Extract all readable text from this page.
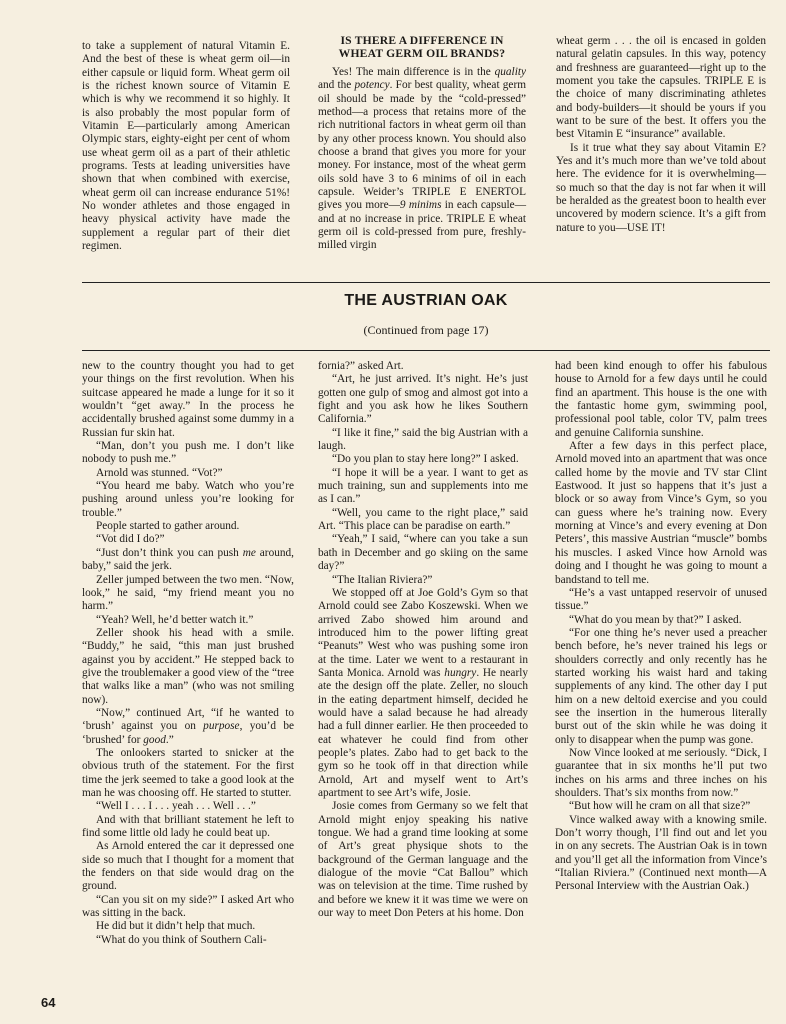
to take a supplement of natural Vitamin E. And the best of these is wheat germ oil—in either capsule or liquid form. Wheat germ oil is the richest known source of Vitamin E which is why we recommend it so highly. It is also probably the most popular form of Vitamin E—particularly among American Olympic stars, eighty-eight per cent of whom use wheat germ oil as a part of their athletic programs. Tests at leading universities have shown that when combined with exercise, wheat germ oil can increase endurance 51%! No wonder athletes and those engaged in heavy physical activity have made the supplement a regular part of their diet regimen.

IS THERE A DIFFERENCE IN WHEAT GERM OIL BRANDS?

Yes! The main difference is in the quality and the potency. For best quality, wheat germ oil should be made by the “cold-pressed” method—a process that retains more of the rich nutritional factors in wheat germ oil than by any other process known. You should also choose a brand that gives you more for your money. For instance, most of the wheat germ oils sold have 3 to 6 minims of oil in each capsule. Weider’s TRIPLE E ENERTOL gives you more—9 minims in each capsule—and at no increase in price. TRIPLE E wheat germ oil is cold-pressed from pure, freshly-milled virgin

wheat germ . . . the oil is encased in golden natural gelatin capsules. In this way, potency and freshness are guaranteed—right up to the moment you take the capsules. TRIPLE E is the choice of many discriminating athletes and body-builders—it should be yours if you want to be sure of the best. It offers you the best Vitamin E “insurance” available.

Is it true what they say about Vitamin E? Yes and it’s much more than we’ve told about here. The evidence for it is overwhelming—so much so that the day is not far when it will be heralded as the greatest boon to health ever uncovered by modern science. It’s a gift from nature to you—USE IT!

THE AUSTRIAN OAK
(Continued from page 17)

new to the country thought you had to get your things on the first revolution. When his suitcase appeared he made a lunge for it so it wouldn’t “get away.” In the process he accidentally brushed against some dummy in a Russian fur skin hat.

“Man, don’t you push me. I don’t like nobody to push me.”

Arnold was stunned. “Vot?”

“You heard me baby. Watch who you’re pushing around unless you’re looking for trouble.”

People started to gather around.

“Vot did I do?”

“Just don’t think you can push me around, baby,” said the jerk.

Zeller jumped between the two men. “Now, look,” he said, “my friend meant you no harm.”

“Yeah? Well, he’d better watch it.”

Zeller shook his head with a smile. “Buddy,” he said, “this man just brushed against you by accident.” He stepped back to give the troublemaker a good view of the “tree that walks like a man” (who was not smiling now).

“Now,” continued Art, “if he wanted to ‘brush’ against you on purpose, you’d be ‘brushed’ for good.”

The onlookers started to snicker at the obvious truth of the statement. For the first time the jerk seemed to take a good look at the man he was choosing off. He started to stutter.

“Well I . . . I . . . yeah . . . Well . . .”

And with that brilliant statement he left to find some little old lady he could beat up.

As Arnold entered the car it depressed one side so much that I thought for a moment that the fenders on that side would drag on the ground.

“Can you sit on my side?” I asked Art who was sitting in the back.

He did but it didn’t help that much.

“What do you think of Southern Cali-

fornia?” asked Art.

“Art, he just arrived. It’s night. He’s just gotten one gulp of smog and almost got into a fight and you ask how he likes Southern California.”

“I like it fine,” said the big Austrian with a laugh.

“Do you plan to stay here long?” I asked.

“I hope it will be a year. I want to get as much training, sun and supplements into me as I can.”

“Well, you came to the right place,” said Art. “This place can be paradise on earth.”

“Yeah,” I said, “where can you take a sun bath in December and go skiing on the same day?”

“The Italian Riviera?”

We stopped off at Joe Gold’s Gym so that Arnold could see Zabo Koszewski. When we arrived Zabo showed him around and introduced him to the power lifting great “Peanuts” West who was pushing some iron at the time. Later we went to a restaurant in Santa Monica. Arnold was hungry. He nearly ate the design off the plate. Zeller, no slouch in the eating department himself, decided he would have a salad because he had already had a full dinner earlier. He then proceeded to eat whatever he could find from other people’s plates. Zabo had to get back to the gym so he took off in that direction while Arnold, Art and myself went to Art’s apartment to see Art’s wife, Josie.

Josie comes from Germany so we felt that Arnold might enjoy speaking his native tongue. We had a grand time looking at some of Art’s great physique shots to the background of the German language and the dialogue of the movie “Cat Ballou” which was on television at the time. Time rushed by and before we knew it it was time we were on our way to meet Don Peters at his home. Don

had been kind enough to offer his fabulous house to Arnold for a few days until he could find an apartment. This house is the one with the fantastic home gym, swimming pool, professional pool table, color TV, palm trees and genuine California sunshine.

After a few days in this perfect place, Arnold moved into an apartment that was once called home by the movie and TV star Clint Eastwood. It just so happens that it’s just a block or so away from Vince’s Gym, so you can guess where he’s training now. Every morning at Vince’s and every evening at Don Peters’, this massive Austrian “muscle” bombs his muscles. I asked Vince how Arnold was doing and I thought he was going to mount a bandstand to tell me.

“He’s a vast untapped reservoir of unused tissue.”

“What do you mean by that?” I asked.

“For one thing he’s never used a preacher bench before, he’s never trained his legs or shoulders correctly and only recently has he started working his waist hard and taking supplements of any kind. The other day I put him on a new deltoid exercise and you could see the insertion in the humerous literally burst out of the skin while he was doing it only to disappear when the pump was gone.

Now Vince looked at me seriously. “Dick, I guarantee that in six months he’ll put two inches on his arms and three inches on his shoulders. That’s six months from now.”

“But how will he cram on all that size?”

Vince walked away with a knowing smile. Don’t worry though, I’ll find out and let you in on any secrets. The Austrian Oak is in town and you’ll get all the information from Vince’s “Italian Riviera.” (Continued next month—A Personal Interview with the Austrian Oak.)

64
